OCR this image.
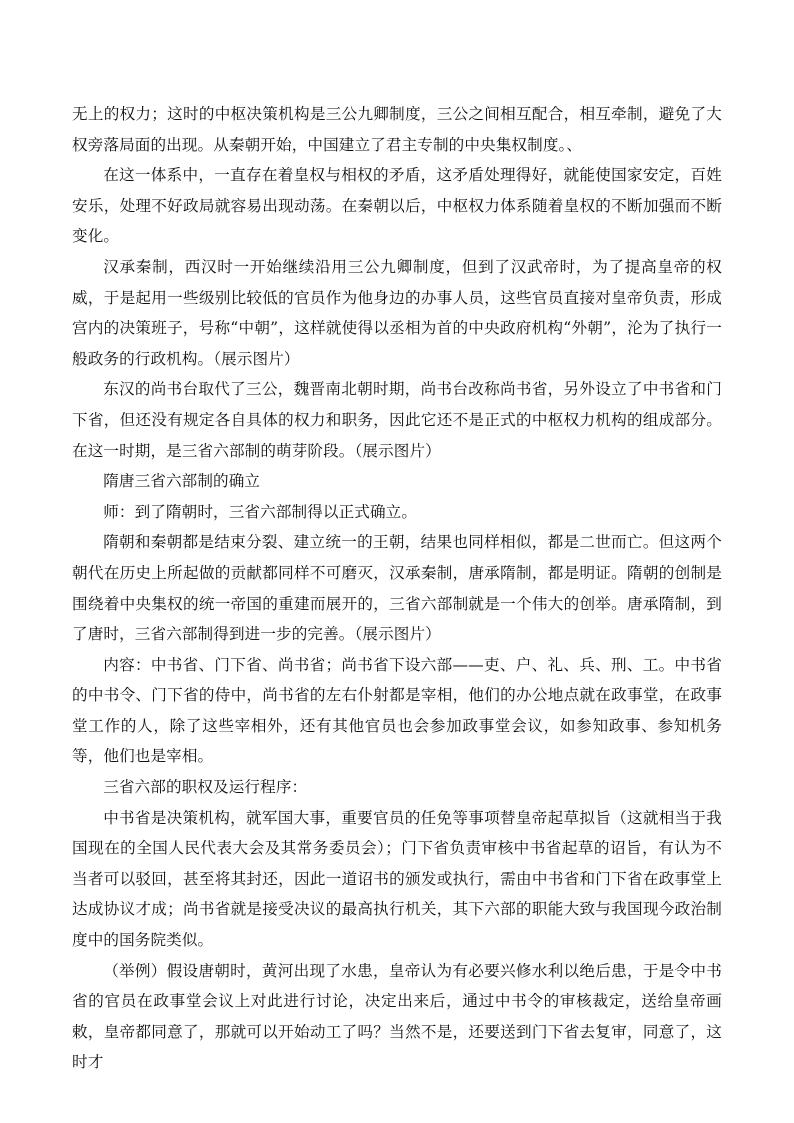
无上的权力；这时的中枢决策机构是三公九卿制度，三公之间相互配合，相互牵制，避免了大权旁落局面的出现。从秦朝开始，中国建立了君主专制的中央集权制度。、

在这一体系中，一直存在着皇权与相权的矛盾，这矛盾处理得好，就能使国家安定，百姓安乐，处理不好政局就容易出现动荡。在秦朝以后，中枢权力体系随着皇权的不断加强而不断变化。

汉承秦制，西汉时一开始继续沿用三公九卿制度，但到了汉武帝时，为了提高皇帝的权威，于是起用一些级别比较低的官员作为他身边的办事人员，这些官员直接对皇帝负责，形成宫内的决策班子，号称“中朝”，这样就使得以丞相为首的中央政府机构“外朝”，沦为了执行一般政务的行政机构。（展示图片）

东汉的尚书台取代了三公，魏晋南北朝时期，尚书台改称尚书省，另外设立了中书省和门下省，但还没有规定各自具体的权力和职务，因此它还不是正式的中枢权力机构的组成部分。在这一时期，是三省六部制的萌芽阶段。（展示图片）

隋唐三省六部制的确立

师：到了隋朝时，三省六部制得以正式确立。

隋朝和秦朝都是结束分裂、建立统一的王朝，结果也同样相似，都是二世而亡。但这两个朝代在历史上所起做的贡献都同样不可磨灭，汉承秦制，唐承隋制，都是明证。隋朝的创制是围绕着中央集权的统一帝国的重建而展开的，三省六部制就是一个伟大的创举。唐承隋制，到了唐时，三省六部制得到进一步的完善。（展示图片）

内容：中书省、门下省、尚书省；尚书省下设六部——吏、户、礼、兵、刑、工。中书省的中书令、门下省的侍中，尚书省的左右仆射都是宰相，他们的办公地点就在政事堂，在政事堂工作的人，除了这些宰相外，还有其他官员也会参加政事堂会议，如参知政事、参知机务等，他们也是宰相。

三省六部的职权及运行程序：

中书省是决策机构，就军国大事，重要官员的任免等事项替皇帝起草拟旨（这就相当于我国现在的全国人民代表大会及其常务委员会）；门下省负责审核中书省起草的诏旨，有认为不当者可以驳回，甚至将其封还，因此一道诏书的颁发或执行，需由中书省和门下省在政事堂上达成协议才成；尚书省就是接受决议的最高执行机关，其下六部的职能大致与我国现今政治制度中的国务院类似。

（举例）假设唐朝时，黄河出现了水患，皇帝认为有必要兴修水利以绝后患，于是令中书省的官员在政事堂会议上对此进行讨论，决定出来后，通过中书令的审核裁定，送给皇帝画敕，皇帝都同意了，那就可以开始动工了吗？当然不是，还要送到门下省去复审，同意了，这时才
